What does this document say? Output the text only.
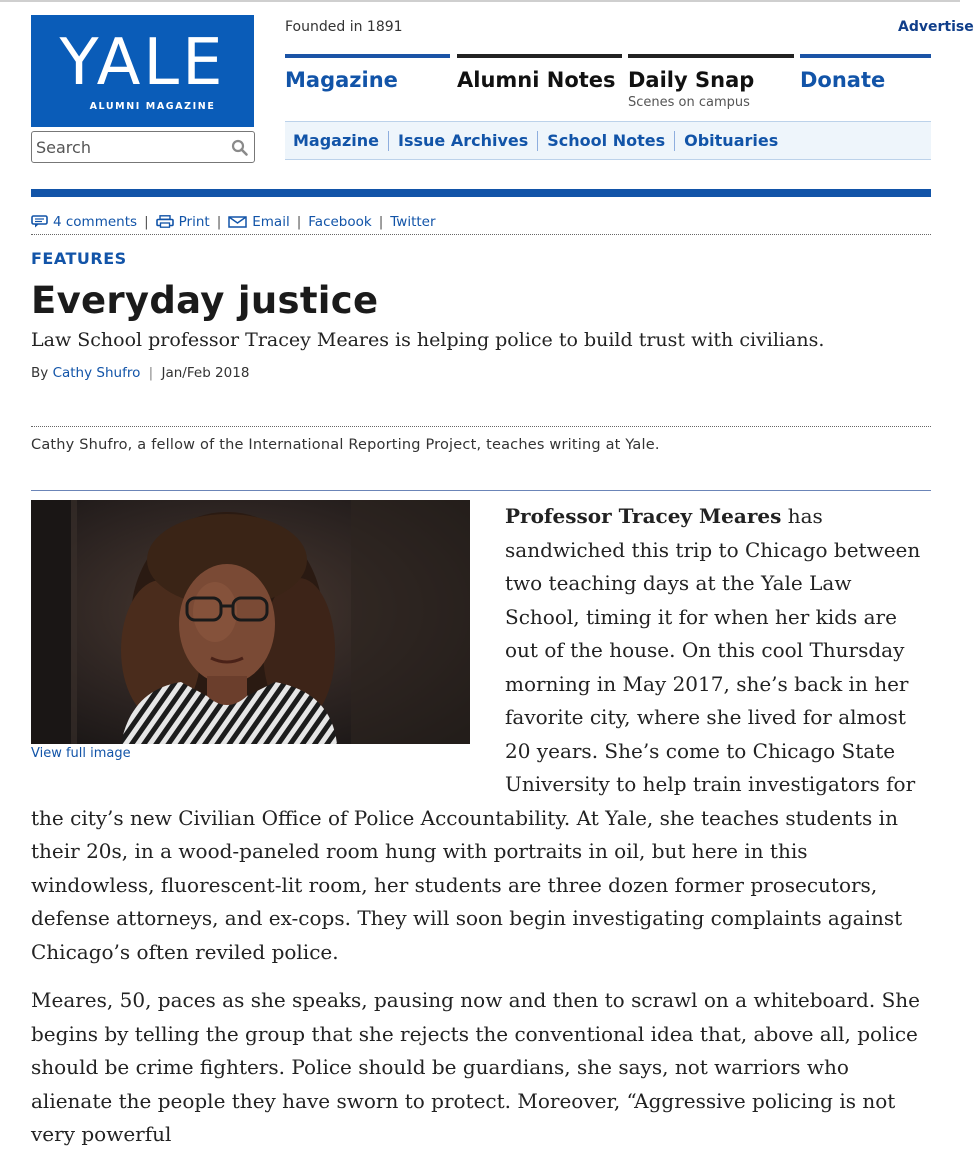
YALE
ALUMNI MAGAZINE
Search
Founded in 1891	Advertise
Magazine	Alumni Notes Daily Snap
Scenes on campus
Donate
Magazine	Issue Archives	School Notes	Obituaries
4 comments | Print | Email | Facebook | Twitter
FEATURES
Everyday justice
Law School professor Tracey Meares is helping police to build trust with civilians.
By Cathy Shufro | Jan/Feb 2018
Cathy Shufro, a fellow of the International Reporting Project, teaches writing at Yale.
View full image

Professor Tracey Meares has sandwiched this trip to Chicago between two teaching days at the Yale Law School, timing it for when her kids are out of the house. On this cool Thursday morning in May 2017, she’s back in her favorite city, where she lived for almost 20 years. She’s come to Chicago State University to help train investigators for the city’s new Civilian Office of Police Accountability. At Yale, she teaches students in their 20s, in a wood-paneled room hung with portraits in oil, but here in this windowless, fluorescent-lit room, her students are three dozen former prosecutors, defense attorneys, and ex-cops. They will soon begin investigating complaints against Chicago’s often reviled police.

Meares, 50, paces as she speaks, pausing now and then to scrawl on a whiteboard. She begins by telling the group that she rejects the conventional idea that, above all, police should be crime fighters. Police should be guardians, she says, not warriors who alienate the people they have sworn to protect. Moreover, “Aggressive policing is not very powerful
